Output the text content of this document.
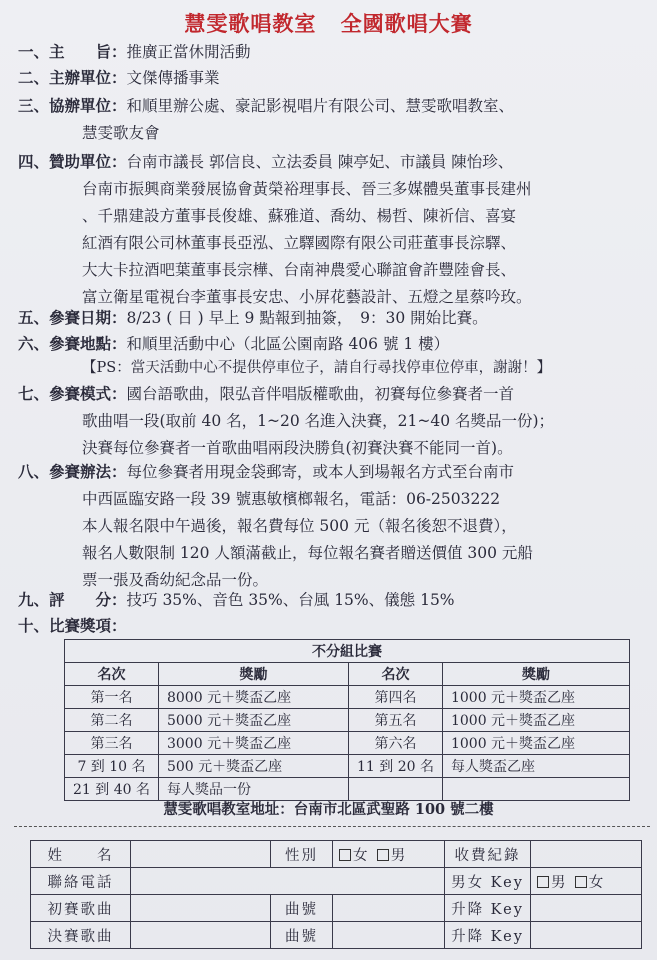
慧雯歌唱教室 全國歌唱大賽
一、主　　旨：推廣正當休閒活動
二、主辦單位：文傑傳播事業
三、協辦單位：和順里辦公處、豪記影視唱片有限公司、慧雯歌唱教室、
慧雯歌友會
四、贊助單位：台南市議長 郭信良、立法委員 陳亭妃、市議員 陳怡珍、
台南市振興商業發展協會黃榮裕理事長、晉三多媒體吳董事長建州
、千鼎建設方董事長俊雄、蘇雅道、喬幼、楊哲、陳祈信、喜宴
紅酒有限公司林董事長亞泓、立驛國際有限公司莊董事長淙驛、
大大卡拉酒吧葉董事長宗樺、台南神農愛心聯誼會許豐陸會長、
富立衛星電視台李董事長安忠、小屏花藝設計、五燈之星蔡吟玫。
五、參賽日期：8/23 ( 日 ) 早上 9 點報到抽簽，　9：30 開始比賽。
六、參賽地點：和順里活動中心（北區公園南路 406 號 1 樓）
【PS：當天活動中心不提供停車位子，請自行尋找停車位停車，謝謝！】
七、參賽模式：國台語歌曲，限弘音伴唱版權歌曲，初賽每位參賽者一首
歌曲唱一段(取前 40 名，1~20 名進入決賽，21~40 名獎品一份)；
決賽每位參賽者一首歌曲唱兩段決勝負(初賽決賽不能同一首)。
八、參賽辦法：每位參賽者用現金袋郵寄，或本人到場報名方式至台南市
中西區臨安路一段 39 號惠敏檳榔報名，電話：06-2503222
本人報名限中午過後，報名費每位 500 元（報名後恕不退費），
報名人數限制 120 人額滿截止，每位報名賽者贈送價值 300 元船
票一張及喬幼紀念品一份。
九、評　　分：技巧 35%、音色 35%、台風 15%、儀態 15%
十、比賽獎項：
不分組比賽			
名次	獎勵	名次	獎勵
第一名	8000 元＋獎盃乙座	第四名	1000 元＋獎盃乙座
第二名	5000 元＋獎盃乙座	第五名	1000 元＋獎盃乙座
第三名	3000 元＋獎盃乙座	第六名	1000 元＋獎盃乙座
7 到 10 名	500 元＋獎盃乙座	11 到 20 名	每人獎盃乙座
21 到 40 名	每人獎品一份		
慧雯歌唱教室地址：台南市北區武聖路 100 號二樓
姓　　名		性別	女 男	收費紀錄	
聯絡電話				男女 Key	男 女
初賽歌曲		曲號		升降 Key	
決賽歌曲		曲號		升降 Key	
